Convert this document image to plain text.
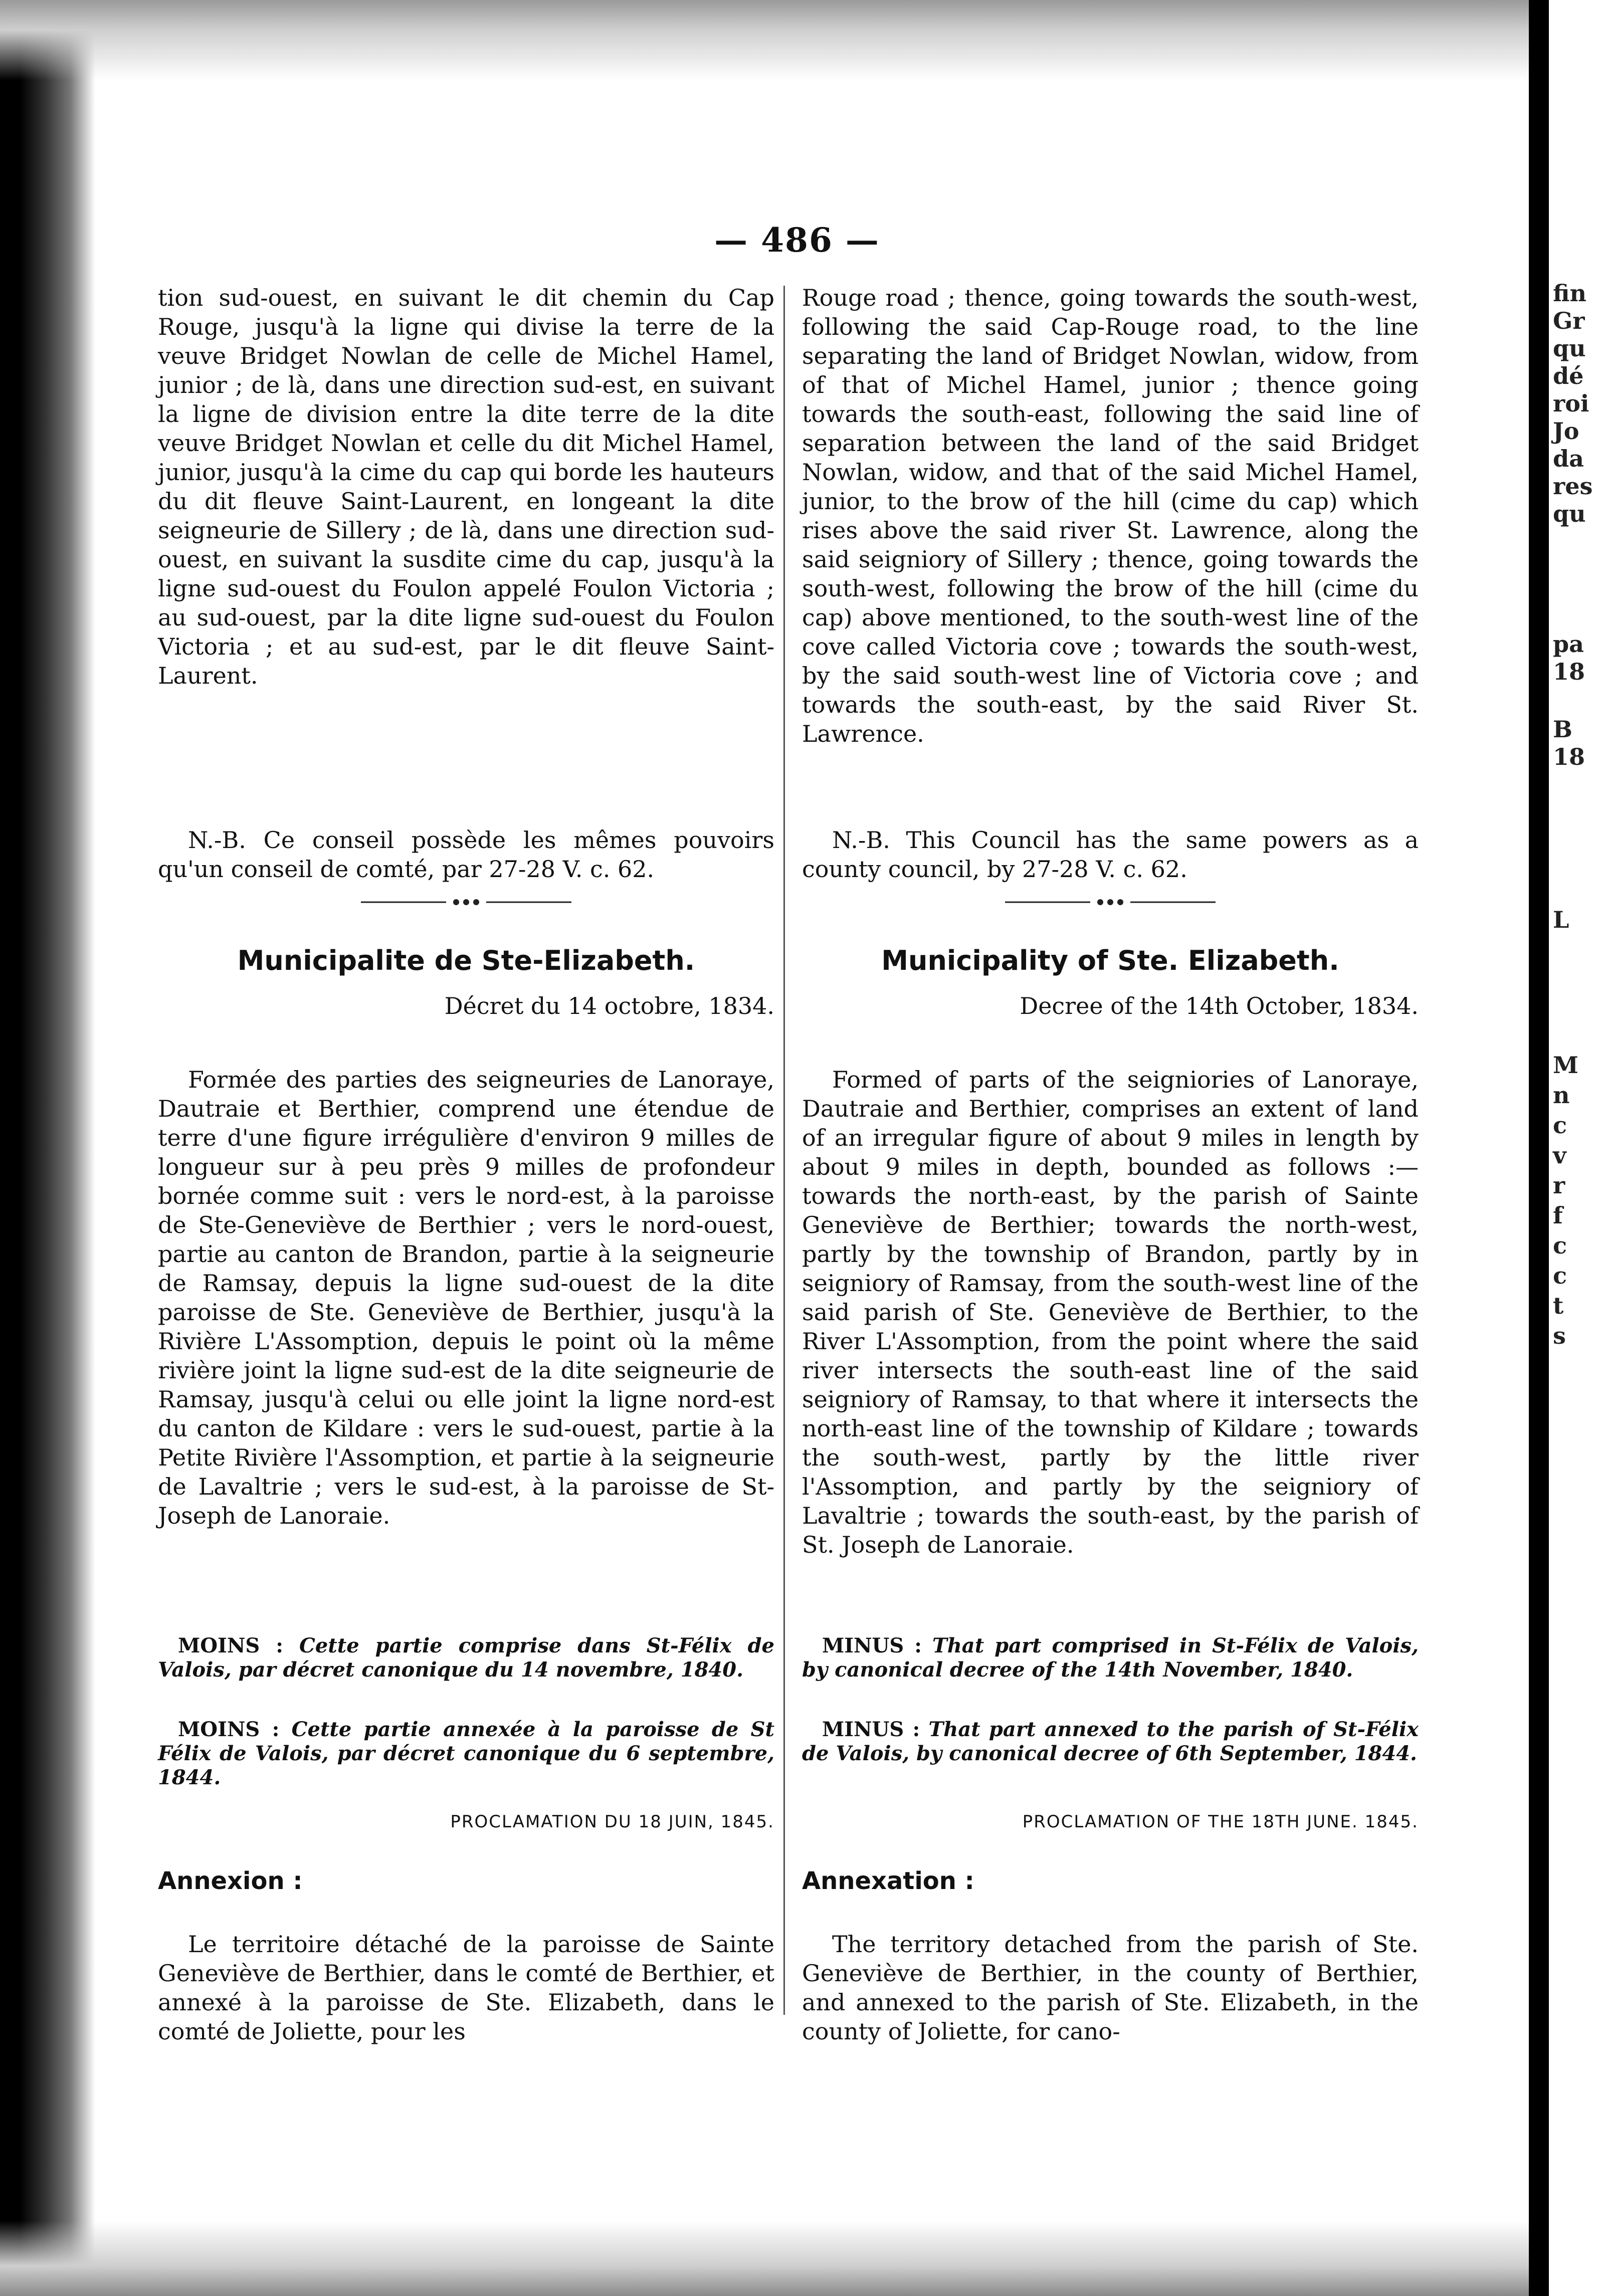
fin
Gr
qu
dé
roi
Jo
da
res
qu
pa
18
B
18
L
M
n
c
v
r
f
c
c
t
s
— 486 —

tion sud-ouest, en suivant le dit chemin du Cap Rouge, jusqu'à la ligne qui divise la terre de la veuve Bridget Nowlan de celle de Michel Hamel, junior ; de là, dans une direction sud-est, en suivant la ligne de division entre la dite terre de la dite veuve Bridget Nowlan et celle du dit Michel Hamel, junior, jusqu'à la cime du cap qui borde les hauteurs du dit fleuve Saint-Laurent, en longeant la dite seigneurie de Sillery ; de là, dans une direction sud-ouest, en suivant la susdite cime du cap, jusqu'à la ligne sud-ouest du Foulon appelé Foulon Victoria ; au sud-ouest, par la dite ligne sud-ouest du Foulon Victoria ; et au sud-est, par le dit fleuve Saint-Laurent.

N.-B. Ce conseil possède les mêmes pouvoirs qu'un conseil de comté, par 27-28 V. c. 62.

Municipalite de Ste-Elizabeth.
Décret du 14 octobre, 1834.

Formée des parties des seigneuries de Lanoraye, Dautraie et Berthier, comprend une étendue de terre d'une figure irrégulière d'environ 9 milles de longueur sur à peu près 9 milles de profondeur bornée comme suit : vers le nord-est, à la paroisse de Ste-Geneviève de Berthier ; vers le nord-ouest, partie au canton de Brandon, partie à la seigneurie de Ramsay, depuis la ligne sud-ouest de la dite paroisse de Ste. Geneviève de Berthier, jusqu'à la Rivière L'Assomption, depuis le point où la même rivière joint la ligne sud-est de la dite seigneurie de Ramsay, jusqu'à celui ou elle joint la ligne nord-est du canton de Kildare : vers le sud-ouest, partie à la Petite Rivière l'Assomption, et partie à la seigneurie de Lavaltrie ; vers le sud-est, à la paroisse de St-Joseph de Lanoraie.

MOINS : Cette partie comprise dans St-Félix de Valois, par décret canonique du 14 novembre, 1840.

MOINS : Cette partie annexée à la paroisse de St Félix de Valois, par décret canonique du 6 septembre, 1844.

PROCLAMATION DU 18 JUIN, 1845.
Annexion :

Le territoire détaché de la paroisse de Sainte Geneviève de Berthier, dans le comté de Berthier, et annexé à la paroisse de Ste. Elizabeth, dans le comté de Joliette, pour les

Rouge road ; thence, going towards the south-west, following the said Cap-Rouge road, to the line separating the land of Bridget Nowlan, widow, from of that of Michel Hamel, junior ; thence going towards the south-east, following the said line of separation between the land of the said Bridget Nowlan, widow, and that of the said Michel Hamel, junior, to the brow of the hill (cime du cap) which rises above the said river St. Lawrence, along the said seigniory of Sillery ; thence, going towards the south-west, following the brow of the hill (cime du cap) above mentioned, to the south-west line of the cove called Victoria cove ; towards the south-west, by the said south-west line of Victoria cove ; and towards the south-east, by the said River St. Lawrence.

N.-B. This Council has the same powers as a county council, by 27-28 V. c. 62.

Municipality of Ste. Elizabeth.
Decree of the 14th October, 1834.

Formed of parts of the seigniories of Lanoraye, Dautraie and Berthier, comprises an extent of land of an irregular figure of about 9 miles in length by about 9 miles in depth, bounded as follows :—towards the north-east, by the parish of Sainte Geneviève de Berthier; towards the north-west, partly by the township of Brandon, partly by in seigniory of Ramsay, from the south-west line of the said parish of Ste. Geneviève de Berthier, to the River L'Assomption, from the point where the said river intersects the south-east line of the said seigniory of Ramsay, to that where it intersects the north-east line of the township of Kildare ; towards the south-west, partly by the little river l'Assomption, and partly by the seigniory of Lavaltrie ; towards the south-east, by the parish of St. Joseph de Lanoraie.

MINUS : That part comprised in St-Félix de Valois, by canonical decree of the 14th November, 1840.

MINUS : That part annexed to the parish of St-Félix de Valois, by canonical decree of 6th September, 1844.

PROCLAMATION OF THE 18TH JUNE. 1845.
Annexation :

The territory detached from the parish of Ste. Geneviève de Berthier, in the county of Berthier, and annexed to the parish of Ste. Elizabeth, in the county of Joliette, for cano-
